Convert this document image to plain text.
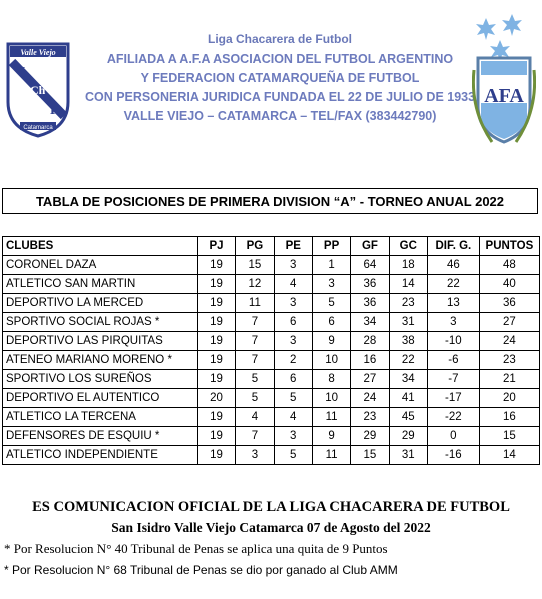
Valle Viejo
L
Ch
F
Catamarca
Liga Chacarera de Futbol
AFILIADA A A.F.A ASOCIACION DEL FUTBOL ARGENTINO
Y FEDERACION CATAMARQUEÑA DE FUTBOL
CON PERSONERIA JURIDICA FUNDADA EL 22 DE JULIO DE 1933
VALLE VIEJO – CATAMARCA – TEL/FAX (383442790)
AFA
TABLA DE POSICIONES DE PRIMERA DIVISION “A” - TORNEO ANUAL 2022
CLUBES	PJ	PG	PE	PP	GF	GC	DIF. G.	PUNTOS
CORONEL DAZA	19	15	3	1	64	18	46	48
ATLETICO SAN MARTIN	19	12	4	3	36	14	22	40
DEPORTIVO LA MERCED	19	11	3	5	36	23	13	36
SPORTIVO SOCIAL ROJAS *	19	7	6	6	34	31	3	27
DEPORTIVO LAS PIRQUITAS	19	7	3	9	28	38	-10	24
ATENEO MARIANO MORENO *	19	7	2	10	16	22	-6	23
SPORTIVO LOS SUREÑOS	19	5	6	8	27	34	-7	21
DEPORTIVO EL AUTENTICO	20	5	5	10	24	41	-17	20
ATLETICO LA TERCENA	19	4	4	11	23	45	-22	16
DEFENSORES DE ESQUIU *	19	7	3	9	29	29	0	15
ATLETICO INDEPENDIENTE	19	3	5	11	15	31	-16	14
ES COMUNICACION OFICIAL DE LA LIGA CHACARERA DE FUTBOL
San Isidro Valle Viejo Catamarca 07 de Agosto del 2022
* Por Resolucion N° 40 Tribunal de Penas se aplica una quita de 9 Puntos
* Por Resolucion N° 68 Tribunal de Penas se dio por ganado al Club AMM
